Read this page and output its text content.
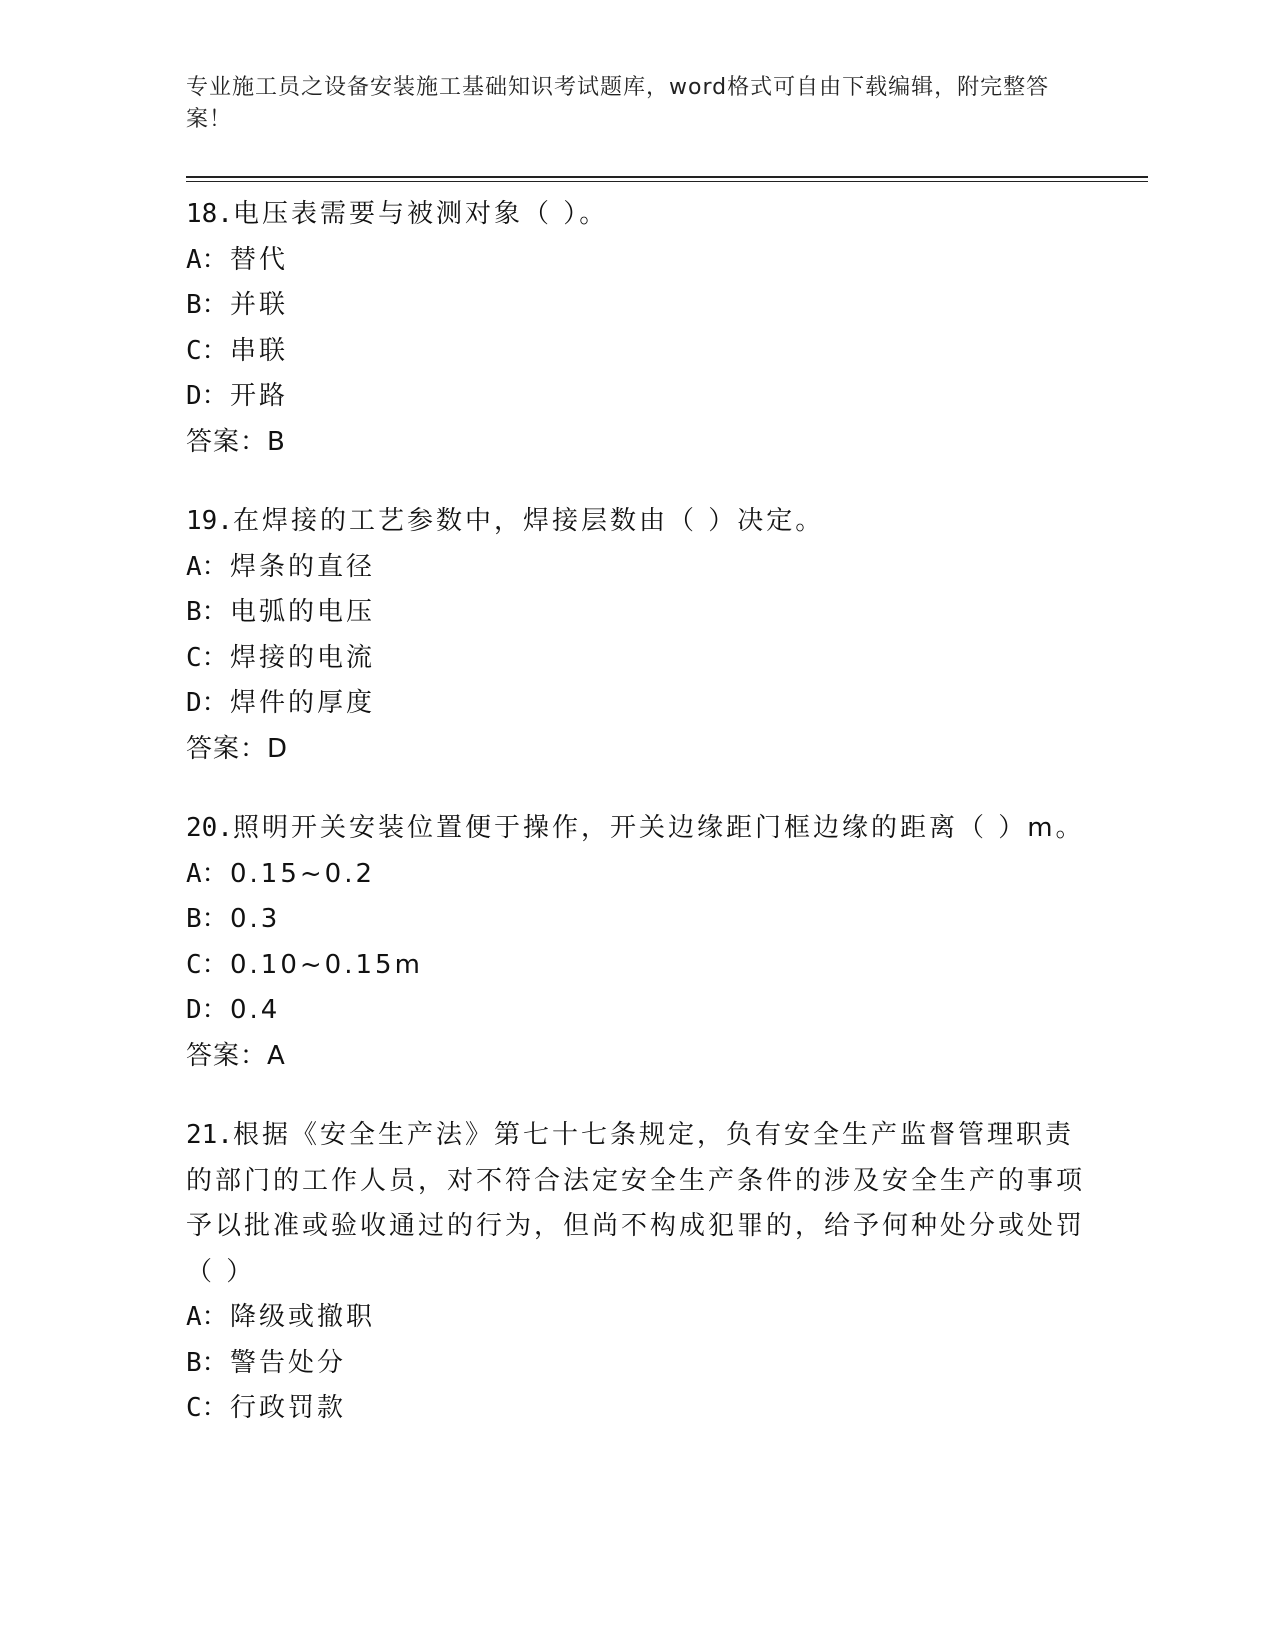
专业施工员之设备安装施工基础知识考试题库，word格式可自由下载编辑，附完整答案！
18.电压表需要与被测对象（ ）。
A： 替代
B： 并联
C： 串联
D： 开路
答案：B
19.在焊接的工艺参数中，焊接层数由（ ）决定。
A： 焊条的直径
B： 电弧的电压
C： 焊接的电流
D： 焊件的厚度
答案：D
20.照明开关安装位置便于操作，开关边缘距门框边缘的距离（ ）m。
A： 0.15~0.2
B： 0.3
C： 0.10~0.15m
D： 0.4
答案：A
21.根据《安全生产法》第七十七条规定，负有安全生产监督管理职责的部门的工作人员，对不符合法定安全生产条件的涉及安全生产的事项予以批准或验收通过的行为，但尚不构成犯罪的，给予何种处分或处罚（ ）
A： 降级或撤职
B： 警告处分
C： 行政罚款
